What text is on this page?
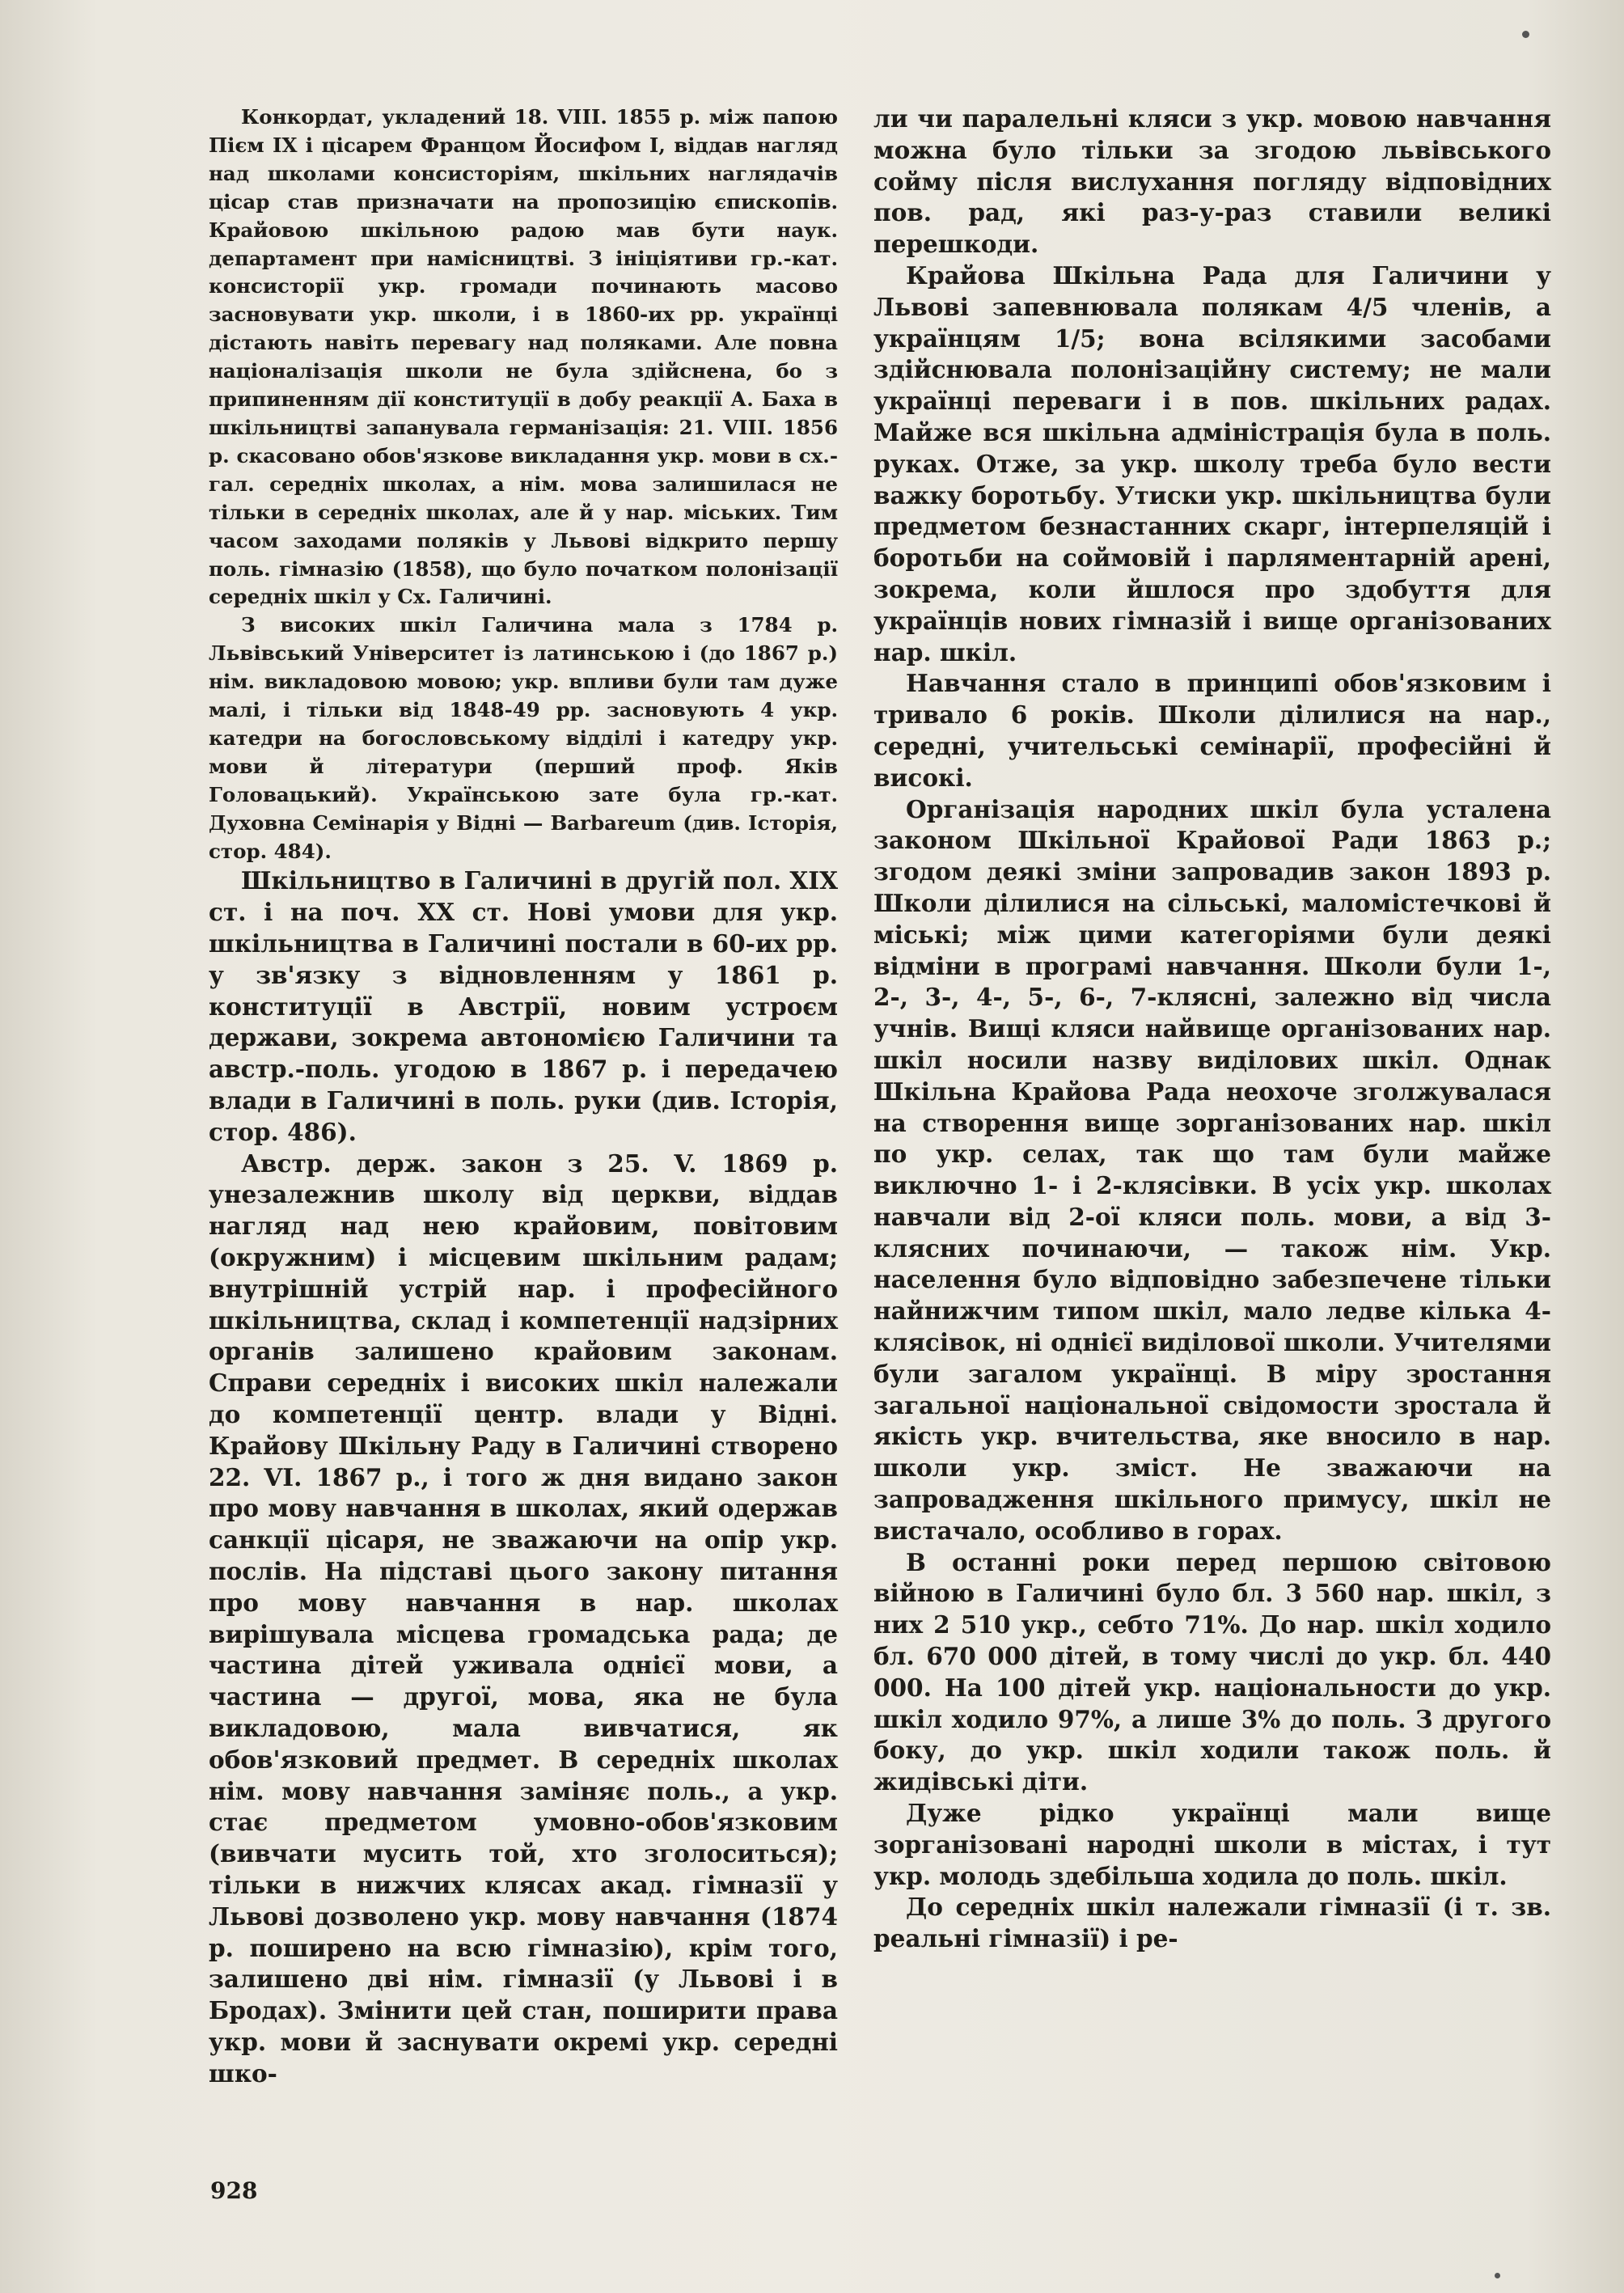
Конкордат, укладений 18. VIII. 1855 р. між папою Пієм IX і цісарем Францом Йосифом I, віддав нагляд над школами консисторіям, шкільних наглядачів цісар став призначати на пропозицію єпископів. Крайовою шкільною радою мав бути наук. департамент при намісництві. З ініціятиви гр.-кат. консисторії укр. громади починають масово засновувати укр. школи, і в 1860-их рр. українці дістають навіть перевагу над поляками. Але повна націоналізація школи не була здійснена, бо з припиненням дії конституції в добу реакції А. Баха в шкільництві запанувала германізація: 21. VIII. 1856 р. скасовано обов'язкове викладання укр. мови в сх.-гал. середніх школах, а нім. мова залишилася не тільки в середніх школах, але й у нар. міських. Тим часом заходами поляків у Львові відкрито першу поль. гімназію (1858), що було початком полонізації середніх шкіл у Сх. Галичині.

З високих шкіл Галичина мала з 1784 р. Львівський Університет із латинською і (до 1867 р.) нім. викладовою мовою; укр. впливи були там дуже малі, і тільки від 1848-49 рр. засновують 4 укр. катедри на богословському відділі і катедру укр. мови й літератури (перший проф. Яків Головацький). Українською зате була гр.-кат. Духовна Семінарія у Відні — Barbareum (див. Історія, стор. 484).

Шкільництво в Галичині в другій пол. XIX ст. і на поч. XX ст. Нові умови для укр. шкільництва в Галичині постали в 60-их рр. у зв'язку з відновленням у 1861 р. конституції в Австрії, новим устроєм держави, зокрема автономією Галичини та австр.-поль. угодою в 1867 р. і передачею влади в Галичині в поль. руки (див. Історія, стор. 486).

Австр. держ. закон з 25. V. 1869 р. унезалежнив школу від церкви, віддав нагляд над нею крайовим, повітовим (окружним) і місцевим шкільним радам; внутрішній устрій нар. і професійного шкільництва, склад і компетенції надзірних органів залишено крайовим законам. Справи середніх і високих шкіл належали до компетенції центр. влади у Відні. Крайову Шкільну Раду в Галичині створено 22. VI. 1867 р., і того ж дня видано закон про мову навчання в школах, який одержав санкції цісаря, не зважаючи на опір укр. послів. На підставі цього закону питання про мову навчання в нар. школах вирішувала місцева громадська рада; де частина дітей уживала однієї мови, а частина — другої, мова, яка не була викладовою, мала вивчатися, як обов'язковий предмет. В середніх школах нім. мову навчання заміняє поль., а укр. стає предметом умовно-обов'язковим (вивчати мусить той, хто зголоситься); тільки в нижчих клясах акад. гімназії у Львові дозволено укр. мову навчання (1874 р. поширено на всю гімназію), крім того, залишено дві нім. гімназії (у Львові і в Бродах). Змінити цей стан, поширити права укр. мови й заснувати окремі укр. середні шко-

ли чи паралельні кляси з укр. мовою навчання можна було тільки за згодою львівського сойму після вислухання погляду відповідних пов. рад, які раз-у-раз ставили великі перешкоди.

Крайова Шкільна Рада для Галичини у Львові запевнювала полякам 4/5 членів, а українцям 1/5; вона всілякими засобами здійснювала полонізаційну систему; не мали українці переваги і в пов. шкільних радах. Майже вся шкільна адміністрація була в поль. руках. Отже, за укр. школу треба було вести важку боротьбу. Утиски укр. шкільництва були предметом безнастанних скарг, інтерпеляцій і боротьби на соймовій і парляментарній арені, зокрема, коли йшлося про здобуття для українців нових гімназій і вище організованих нар. шкіл.

Навчання стало в принципі обов'язковим і тривало 6 років. Школи ділилися на нар., середні, учительські семінарії, професійні й високі.

Організація народних шкіл була усталена законом Шкільної Крайової Ради 1863 р.; згодом деякі зміни запровадив закон 1893 р. Школи ділилися на сільські, маломістечкові й міські; між цими категоріями були деякі відміни в програмі навчання. Школи були 1-, 2-, 3-, 4-, 5-, 6-, 7-клясні, залежно від числа учнів. Вищі кляси найвище організованих нар. шкіл носили назву виділових шкіл. Однак Шкільна Крайова Рада неохоче зголжувалася на створення вище зорганізованих нар. шкіл по укр. селах, так що там були майже виключно 1- і 2-клясівки. В усіх укр. школах навчали від 2-ої кляси поль. мови, а від 3-клясних починаючи, — також нім. Укр. населення було відповідно забезпечене тільки найнижчим типом шкіл, мало ледве кілька 4-клясівок, ні однієї виділової школи. Учителями були загалом українці. В міру зростання загальної національної свідомости зростала й якість укр. вчительства, яке вносило в нар. школи укр. зміст. Не зважаючи на запровадження шкільного примусу, шкіл не вистачало, особливо в горах.

В останні роки перед першою світовою війною в Галичині було бл. 3 560 нар. шкіл, з них 2 510 укр., себто 71%. До нар. шкіл ходило бл. 670 000 дітей, в тому числі до укр. бл. 440 000. На 100 дітей укр. національности до укр. шкіл ходило 97%, а лише 3% до поль. З другого боку, до укр. шкіл ходили також поль. й жидівські діти.

Дуже рідко українці мали вище зорганізовані народні школи в містах, і тут укр. молодь здебільша ходила до поль. шкіл.

До середніх шкіл належали гімназії (і т. зв. реальні гімназії) і ре-

928
